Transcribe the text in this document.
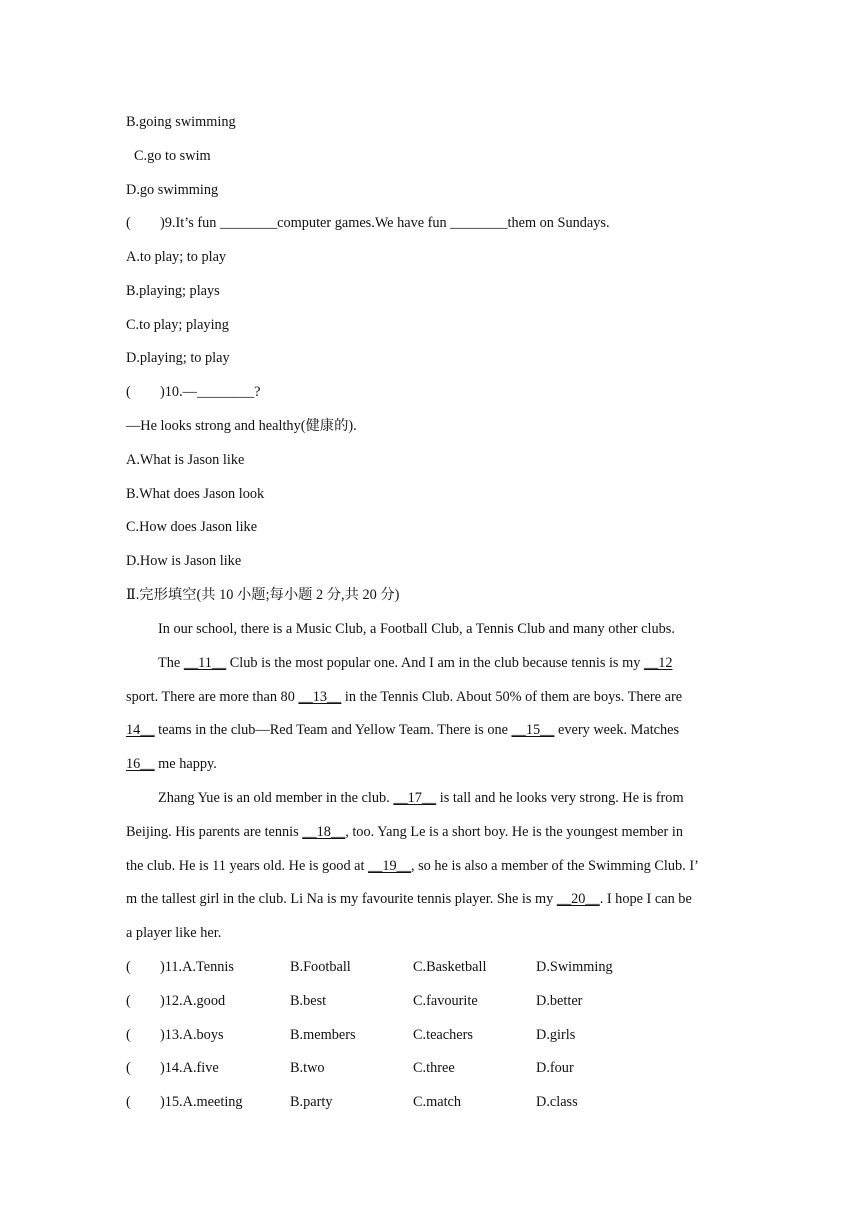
B.going swimming
C.go to swim
D.go swimming
( )9.It’s fun ________computer games.We have fun ________them on Sundays.
A.to play; to play
B.playing; plays
C.to play; playing
D.playing; to play
( )10.—________?
—He looks strong and healthy(健康的).
A.What is Jason like
B.What does Jason look
C.How does Jason like
D.How is Jason like
Ⅱ.完形填空(共 10 小题;每小题 2 分,共 20 分)
In our school, there is a Music Club, a Football Club, a Tennis Club and many other clubs.
The __11__ Club is the most popular one. And I am in the club because tennis is my __12
sport. There are more than 80 __13__ in the Tennis Club. About 50% of them are boys. There are
14__ teams in the club—Red Team and Yellow Team. There is one __15__ every week. Matches
16__ me happy.
Zhang Yue is an old member in the club. __17__ is tall and he looks very strong. He is from
Beijing. His parents are tennis __18__, too. Yang Le is a short boy. He is the youngest member in
the club. He is 11 years old. He is good at __19__, so he is also a member of the Swimming Club. I’
m the tallest girl in the club. Li Na is my favourite tennis player. She is my __20__. I hope I can be
a player like her.
( )11.A.Tennis	B.Football	C.Basketball	D.Swimming
( )12.A.good	B.best	C.favourite	D.better
( )13.A.boys	B.members	C.teachers	D.girls
( )14.A.five	B.two	C.three	D.four
( )15.A.meeting	B.party	C.match	D.class
